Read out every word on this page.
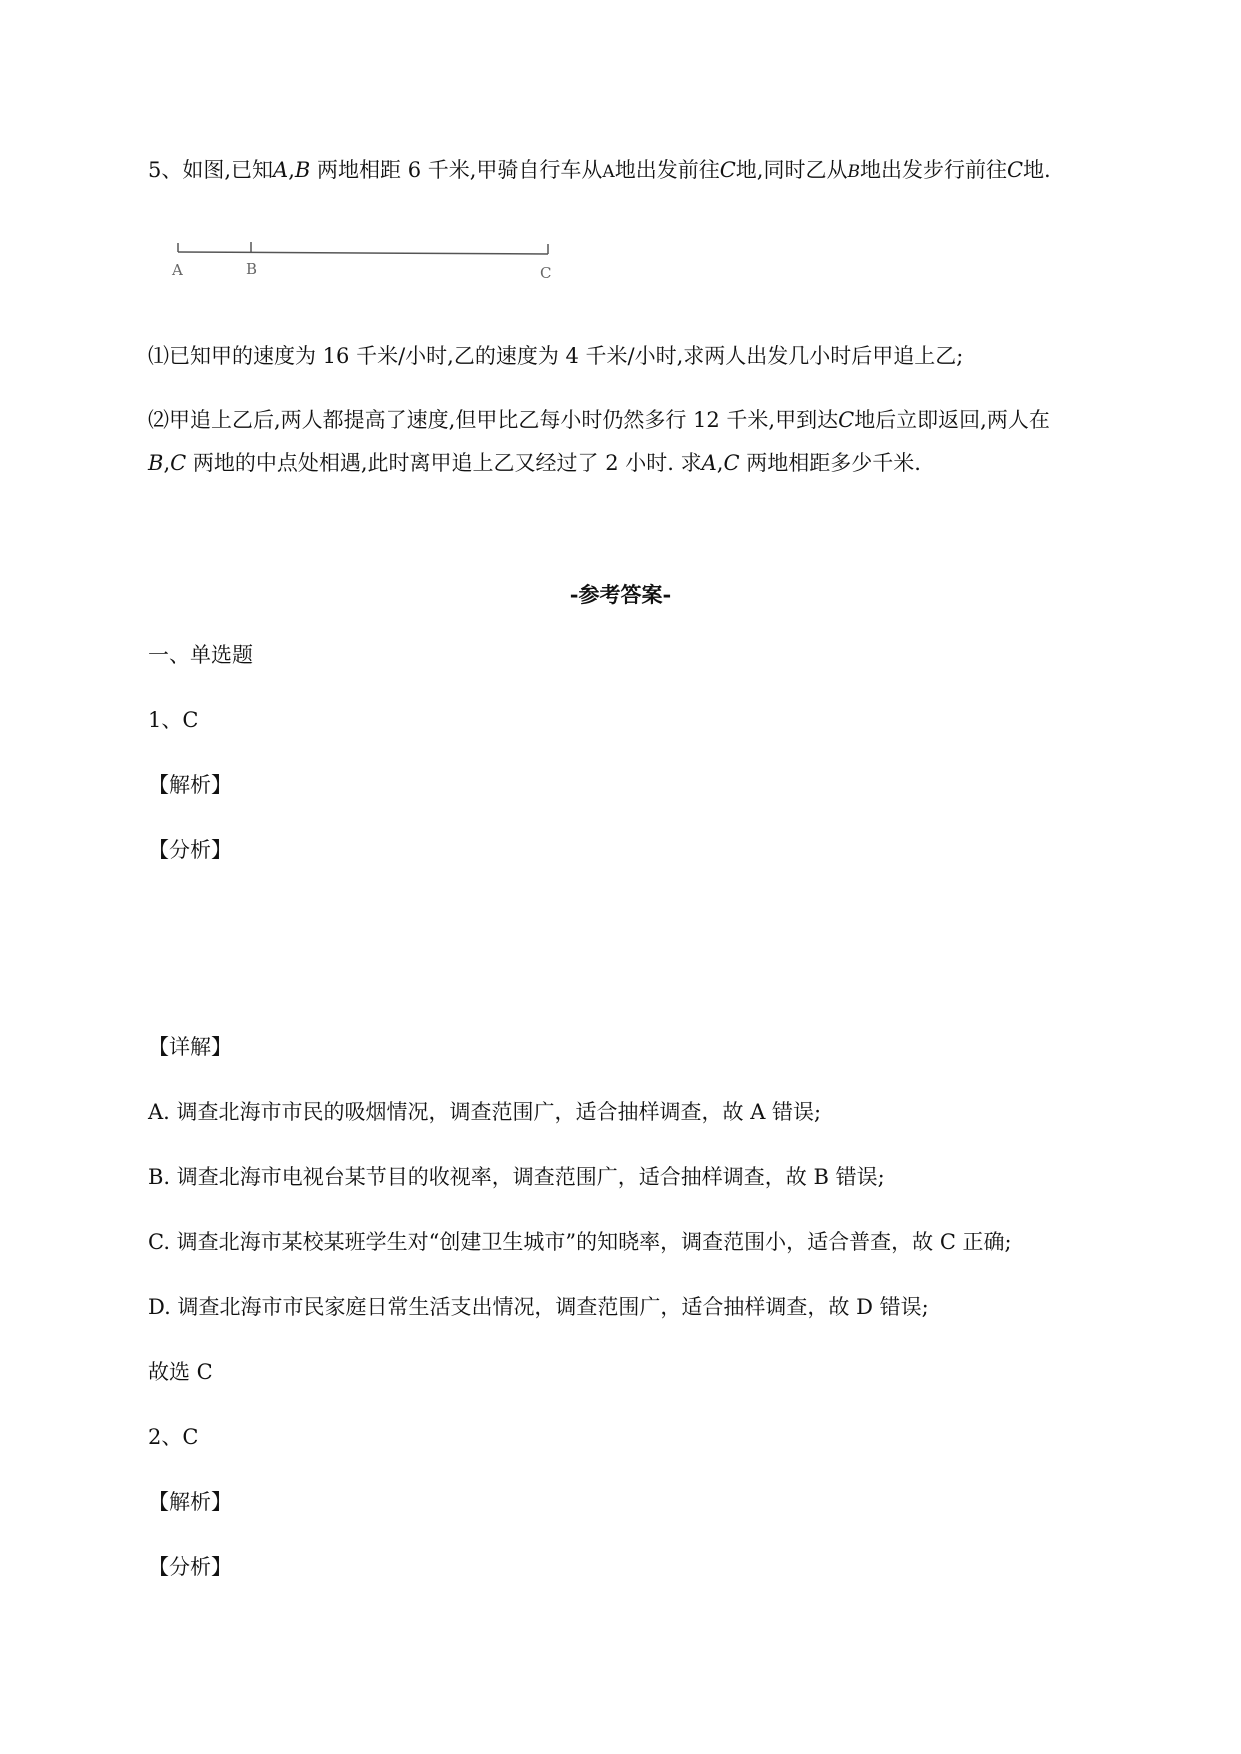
5、如图,已知A,B 两地相距 6 千米,甲骑自行车从A地出发前往C地,同时乙从B地出发步行前往C地.
A	B	C
⑴已知甲的速度为 16 千米/小时,乙的速度为 4 千米/小时,求两人出发几小时后甲追上乙;
⑵甲追上乙后,两人都提高了速度,但甲比乙每小时仍然多行 12 千米,甲到达C地后立即返回,两人在
B,C 两地的中点处相遇,此时离甲追上乙又经过了 2 小时. 求A,C 两地相距多少千米.
-参考答案-
一、单选题
1、C
【解析】
【分析】
【详解】
A. 调查北海市市民的吸烟情况，调查范围广，适合抽样调查，故 A 错误;
B. 调查北海市电视台某节目的收视率，调查范围广，适合抽样调查，故 B 错误;
C. 调查北海市某校某班学生对“创建卫生城市”的知晓率，调查范围小，适合普查，故 C 正确;
D. 调查北海市市民家庭日常生活支出情况，调查范围广，适合抽样调查，故 D 错误;
故选 C
2、C
【解析】
【分析】
